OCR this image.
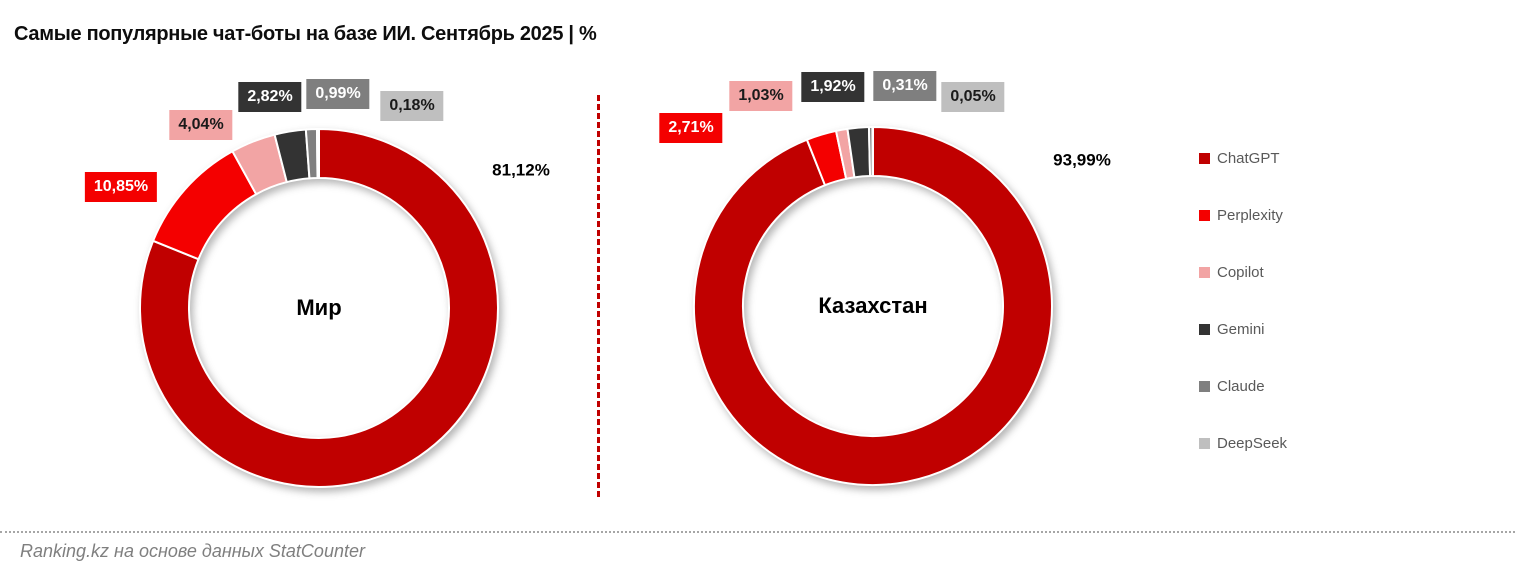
Самые популярные чат-боты на базе ИИ. Сентябрь 2025 | %
Мир
81,12%
10,85%
4,04%
2,82%	0,99%
0,18%
Казахстан
93,99%
2,71%
1,03%
1,92%	0,31%
0,05%
ChatGPT
Perplexity
Copilot
Gemini
Claude
DeepSeek
Ranking.kz на основе данных StatCounter
